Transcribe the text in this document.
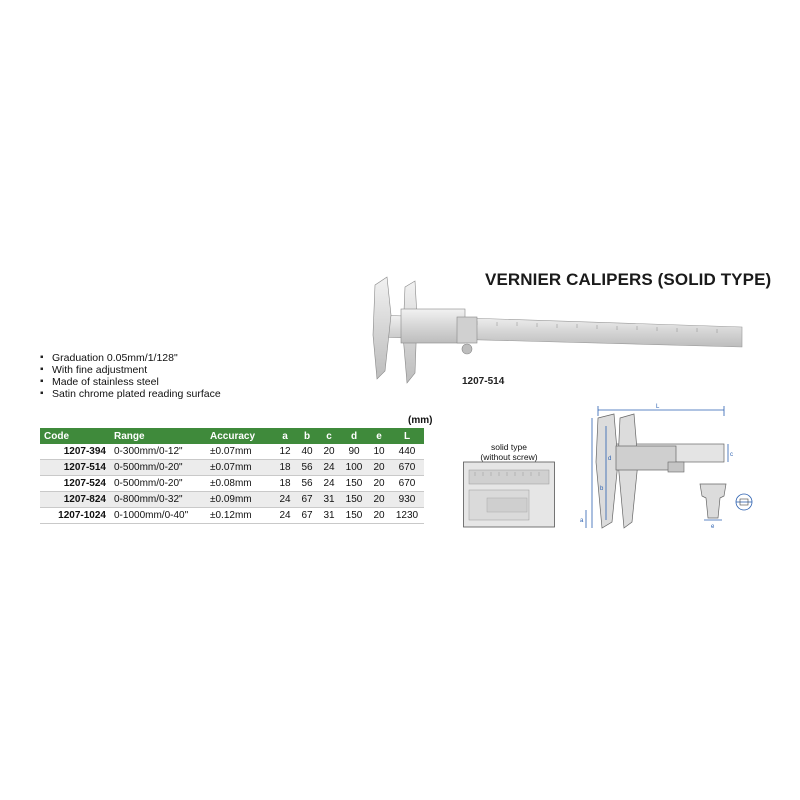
VERNIER CALIPERS (SOLID TYPE)
1207-514
▪ Graduation 0.05mm/1/128"
▪ With fine adjustment
▪ Made of stainless steel
▪ Satin chrome plated reading surface
(mm)
Code	Range	Accuracy	a	b	c	d	e	L
1207-394	0-300mm/0-12"	±0.07mm	12	40	20	90	10	440
1207-514	0-500mm/0-20"	±0.07mm	18	56	24	100	20	670
1207-524	0-500mm/0-20"	±0.08mm	18	56	24	150	20	670
1207-824	0-800mm/0-32"	±0.09mm	24	67	31	150	20	930
1207-1024	0-1000mm/0-40"	±0.12mm	24	67	31	150	20	1230
solid type
(without screw)
L
c
a
b
d
e
